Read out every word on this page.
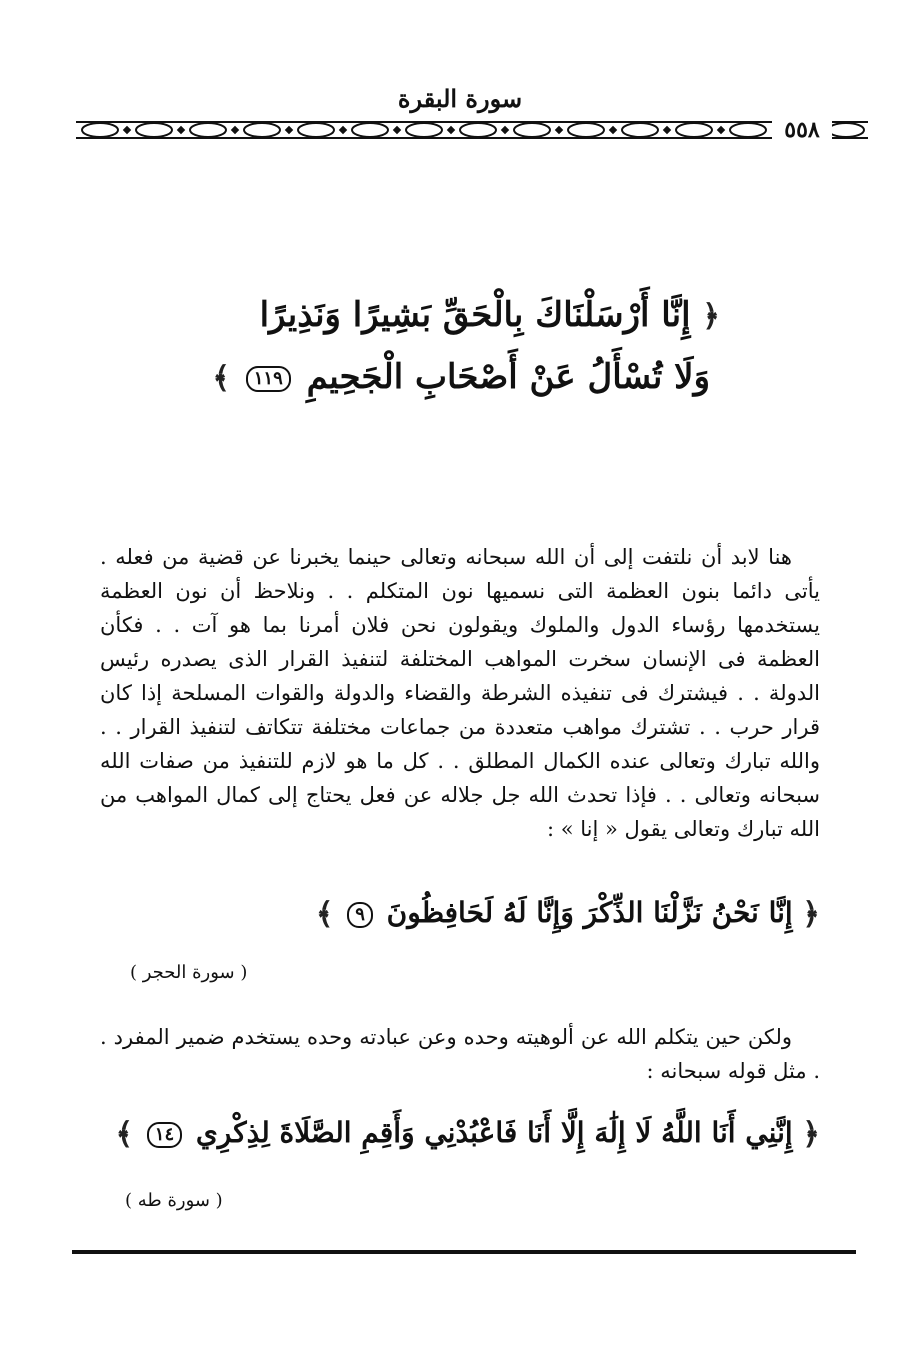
سورة البقرة
٥٥٨
﴿ إِنَّا أَرْسَلْنَاكَ بِالْحَقِّ بَشِيرًا وَنَذِيرًا
وَلَا تُسْأَلُ عَنْ أَصْحَابِ الْجَحِيمِ ١١٩ ﴾
هنا لابد أن نلتفت إلى أن الله سبحانه وتعالى حينما يخبرنا عن قضية من فعله . يأتى دائما بنون العظمة التى نسميها نون المتكلم . . ونلاحظ أن نون العظمة يستخدمها رؤساء الدول والملوك ويقولون نحن فلان أمرنا بما هو آت . . فكأن العظمة فى الإنسان سخرت المواهب المختلفة لتنفيذ القرار الذى يصدره رئيس الدولة . . فيشترك فى تنفيذه الشرطة والقضاء والدولة والقوات المسلحة إذا كان قرار حرب . . تشترك مواهب متعددة من جماعات مختلفة تتكاتف لتنفيذ القرار . . والله تبارك وتعالى عنده الكمال المطلق . . كل ما هو لازم للتنفيذ من صفات الله سبحانه وتعالى . . فإذا تحدث الله جل جلاله عن فعل يحتاج إلى كمال المواهب من الله تبارك وتعالى يقول « إنا » :
﴿ إِنَّا نَحْنُ نَزَّلْنَا الذِّكْرَ وَإِنَّا لَهُ لَحَافِظُونَ ٩ ﴾
( سورة الحجر )
ولكن حين يتكلم الله عن ألوهيته وحده وعن عبادته وحده يستخدم ضمير المفرد . . مثل قوله سبحانه :
﴿ إِنَّنِي أَنَا اللَّهُ لَا إِلَٰهَ إِلَّا أَنَا فَاعْبُدْنِي وَأَقِمِ الصَّلَاةَ لِذِكْرِي ١٤ ﴾
( سورة طه )
